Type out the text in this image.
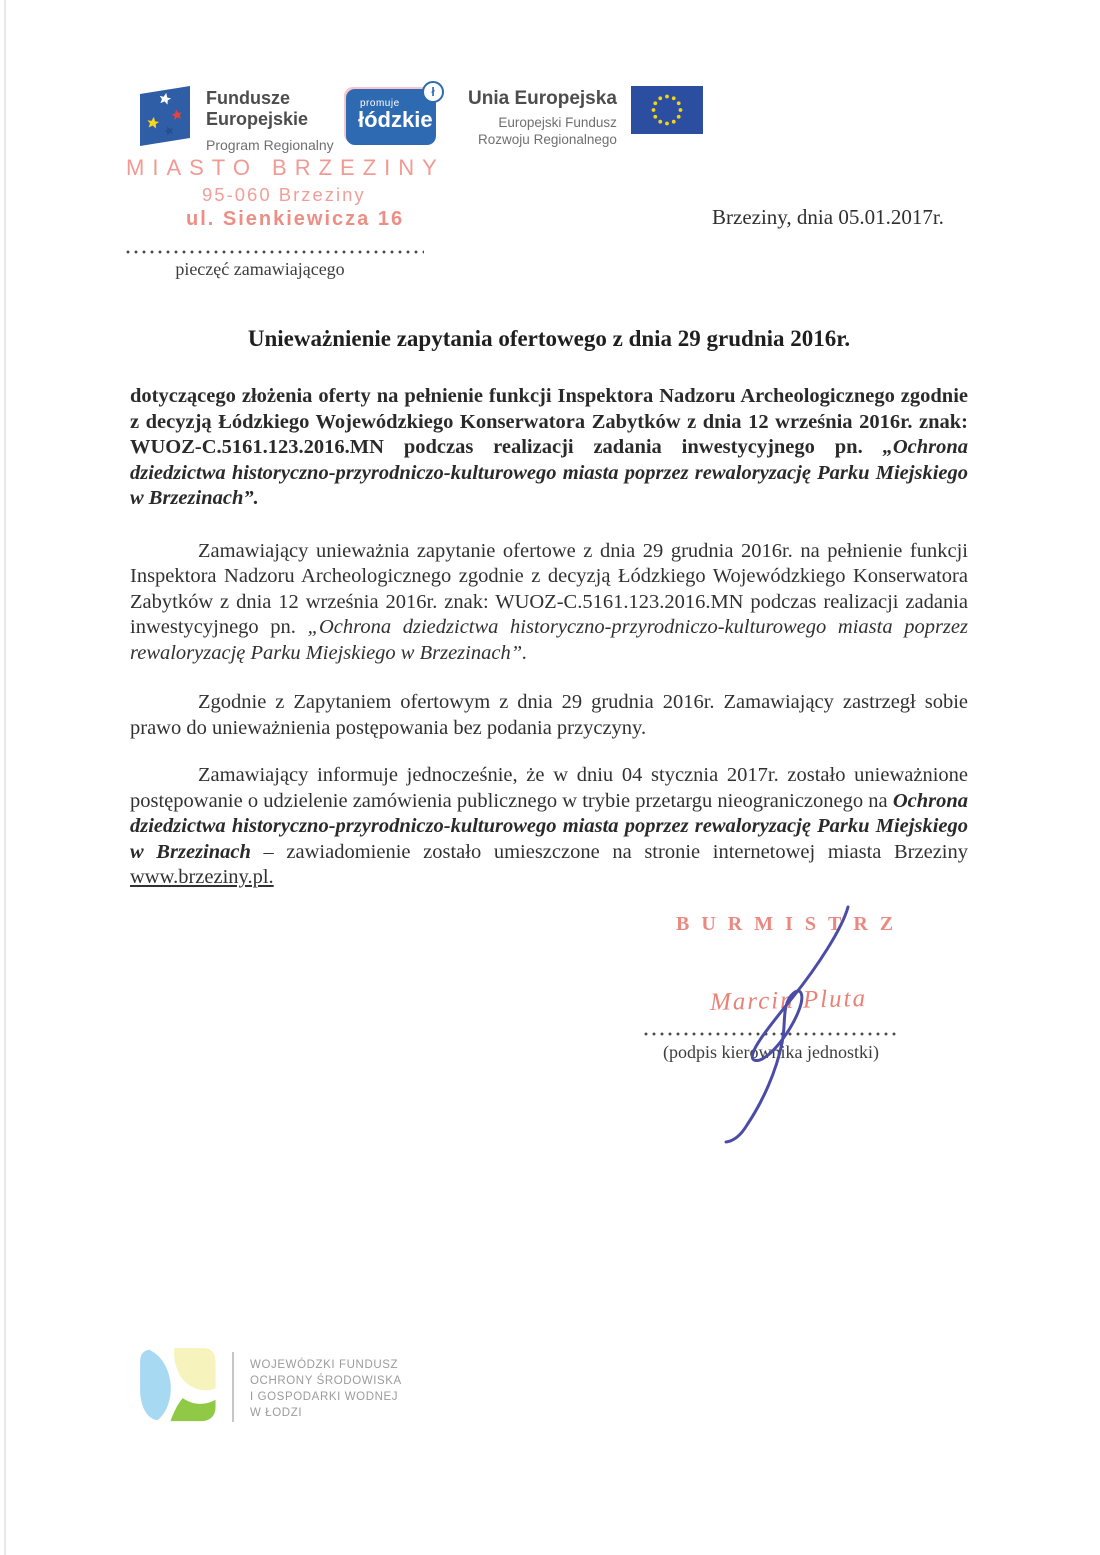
Fundusze
Europejskie
Program Regionalny
promuje
łódzkie
ł	Unia Europejska
Europejski Fundusz
Rozwoju Regionalnego
MIASTO BRZEZINY
95-060 Brzeziny
ul. Sienkiewicza 16
pieczęć zamawiającego
Brzeziny, dnia 05.01.2017r.
Unieważnienie zapytania ofertowego z dnia 29 grudnia 2016r.

dotyczącego złożenia oferty na pełnienie funkcji Inspektora Nadzoru Archeologicznego zgodnie z decyzją Łódzkiego Wojewódzkiego Konserwatora Zabytków z dnia 12 września 2016r. znak: WUOZ-C.5161.123.2016.MN podczas realizacji zadania inwestycyjnego pn. „Ochrona dziedzictwa historyczno-przyrodniczo-kulturowego miasta poprzez rewaloryzację Parku Miejskiego w Brzezinach”.

Zamawiający unieważnia zapytanie ofertowe z dnia 29 grudnia 2016r. na pełnienie funkcji Inspektora Nadzoru Archeologicznego zgodnie z decyzją Łódzkiego Wojewódzkiego Konserwatora Zabytków z dnia 12 września 2016r. znak: WUOZ-C.5161.123.2016.MN podczas realizacji zadania inwestycyjnego pn. „Ochrona dziedzictwa historyczno-przyrodniczo-kulturowego miasta poprzez rewaloryzację Parku Miejskiego w Brzezinach”.

Zgodnie z Zapytaniem ofertowym z dnia 29 grudnia 2016r. Zamawiający zastrzegł sobie prawo do unieważnienia postępowania bez podania przyczyny.

Zamawiający informuje jednocześnie, że w dniu 04 stycznia 2017r. zostało unieważnione postępowanie o udzielenie zamówienia publicznego w trybie przetargu nieograniczonego na Ochrona dziedzictwa historyczno-przyrodniczo-kulturowego miasta poprzez rewaloryzację Parku Miejskiego w Brzezinach – zawiadomienie zostało umieszczone na stronie internetowej miasta Brzeziny www.brzeziny.pl.

BURMISTRZ
Marcin Pluta
(podpis kierownika jednostki)
WOJEWÓDZKI FUNDUSZ
OCHRONY ŚRODOWISKA
I GOSPODARKI WODNEJ
W ŁODZI
